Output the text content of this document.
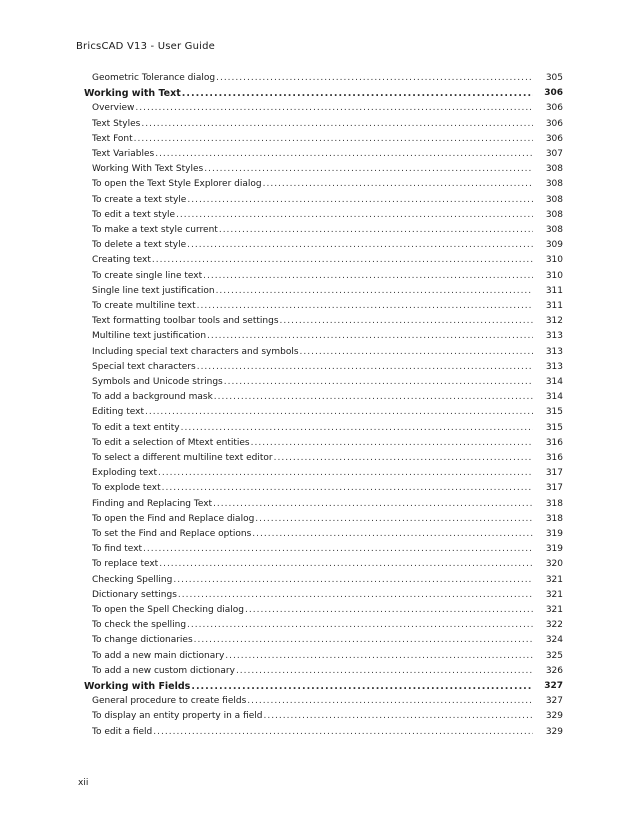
BricsCAD V13 - User Guide
Geometric Tolerance dialog .....	305
Working with Text .....	306
Overview .....	306
Text Styles .....	306
Text Font .....	306
Text Variables .....	307
Working With Text Styles .....	308
To open the Text Style Explorer dialog .....	308
To create a text style .....	308
To edit a text style .....	308
To make a text style current .....	308
To delete a text style .....	309
Creating text .....	310
To create single line text .....	310
Single line text justification .....	311
To create multiline text .....	311
Text formatting toolbar tools and settings .....	312
Multiline text justification .....	313
Including special text characters and symbols .....	313
Special text characters .....	313
Symbols and Unicode strings .....	314
To add a background mask .....	314
Editing text .....	315
To edit a text entity .....	315
To edit a selection of Mtext entities .....	316
To select a different multiline text editor .....	316
Exploding text .....	317
To explode text .....	317
Finding and Replacing Text .....	318
To open the Find and Replace dialog .....	318
To set the Find and Replace options .....	319
To find text .....	319
To replace text .....	320
Checking Spelling .....	321
Dictionary settings .....	321
To open the Spell Checking dialog .....	321
To check the spelling .....	322
To change dictionaries .....	324
To add a new main dictionary .....	325
To add a new custom dictionary .....	326
Working with Fields .....	327
General procedure to create fields .....	327
To display an entity property in a field .....	329
To edit a field .....	329
xii
